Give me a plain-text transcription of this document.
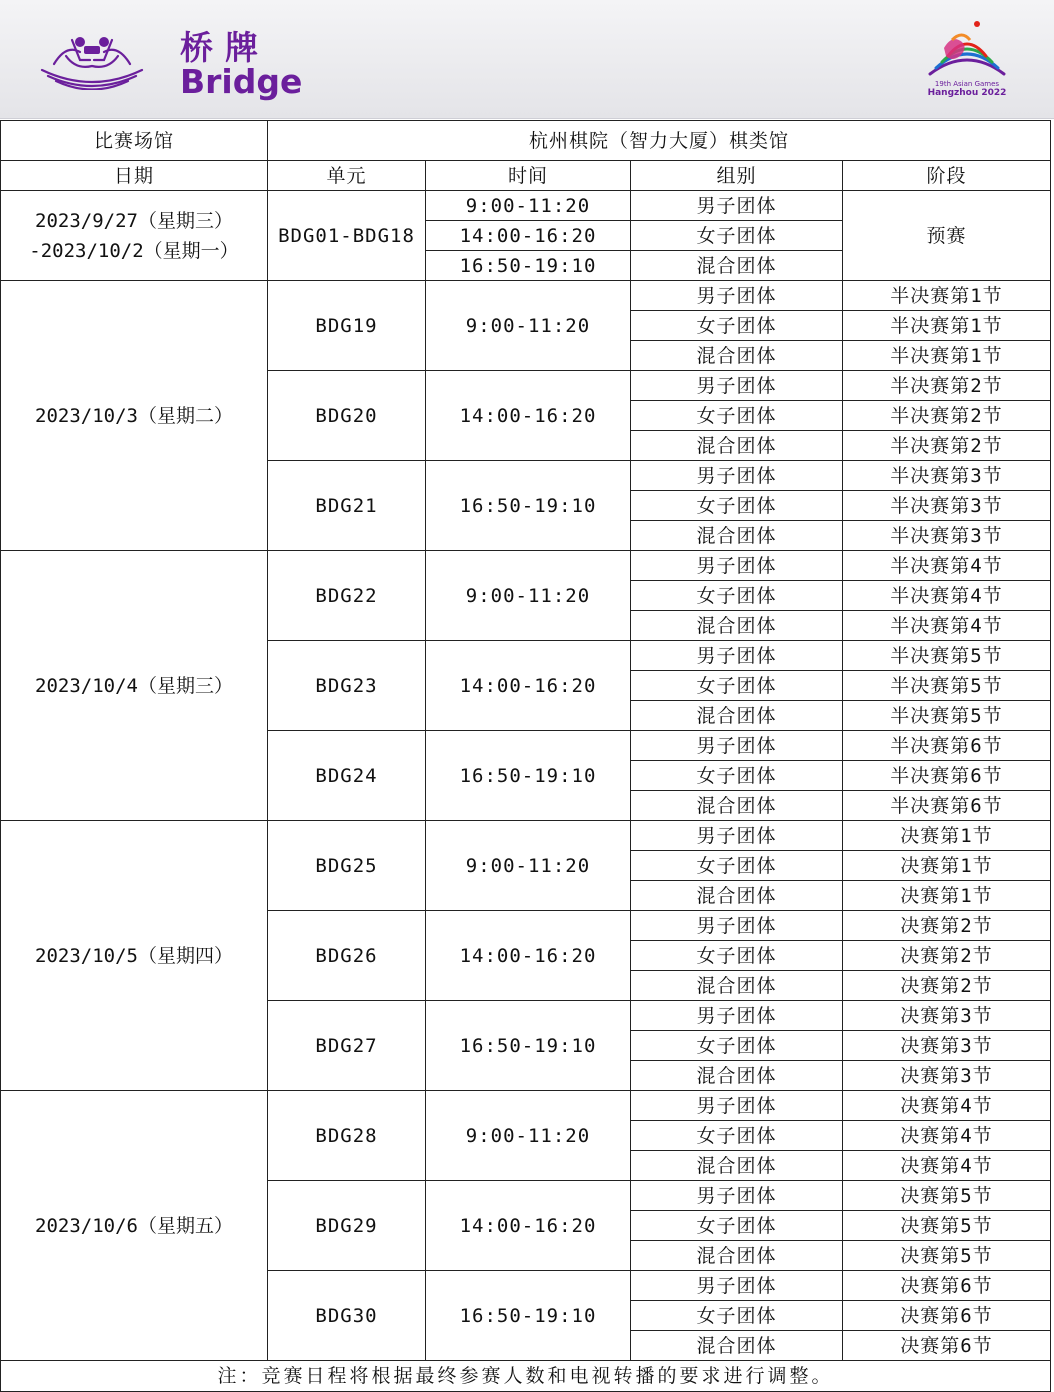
桥牌
Bridge	19th Asian Games
Hangzhou 2022
比赛场馆	杭州棋院（智力大厦）棋类馆			
日期	单元	时间	组别	阶段

2023/9/27（星期三）
-2023/10/2（星期一）	BDG01-BDG18	9:00-11:20	男子团体	预赛
		14:00-16:20	女子团体	
		16:50-19:10	混合团体	
2023/10/3（星期二）	BDG19	9:00-11:20	男子团体	半决赛第1节
			女子团体	半决赛第1节
			混合团体	半决赛第1节
	BDG20	14:00-16:20	男子团体	半决赛第2节
			女子团体	半决赛第2节
			混合团体	半决赛第2节
	BDG21	16:50-19:10	男子团体	半决赛第3节
			女子团体	半决赛第3节
			混合团体	半决赛第3节
2023/10/4（星期三）	BDG22	9:00-11:20	男子团体	半决赛第4节
			女子团体	半决赛第4节
			混合团体	半决赛第4节
	BDG23	14:00-16:20	男子团体	半决赛第5节
			女子团体	半决赛第5节
			混合团体	半决赛第5节
	BDG24	16:50-19:10	男子团体	半决赛第6节
			女子团体	半决赛第6节
			混合团体	半决赛第6节
2023/10/5（星期四）	BDG25	9:00-11:20	男子团体	决赛第1节
			女子团体	决赛第1节
			混合团体	决赛第1节
	BDG26	14:00-16:20	男子团体	决赛第2节
			女子团体	决赛第2节
			混合团体	决赛第2节
	BDG27	16:50-19:10	男子团体	决赛第3节
			女子团体	决赛第3节
			混合团体	决赛第3节
2023/10/6（星期五）	BDG28	9:00-11:20	男子团体	决赛第4节
			女子团体	决赛第4节
			混合团体	决赛第4节
	BDG29	14:00-16:20	男子团体	决赛第5节
			女子团体	决赛第5节
			混合团体	决赛第5节
	BDG30	16:50-19:10	男子团体	决赛第6节
			女子团体	决赛第6节
			混合团体	决赛第6节
注：竞赛日程将根据最终参赛人数和电视转播的要求进行调整。				
